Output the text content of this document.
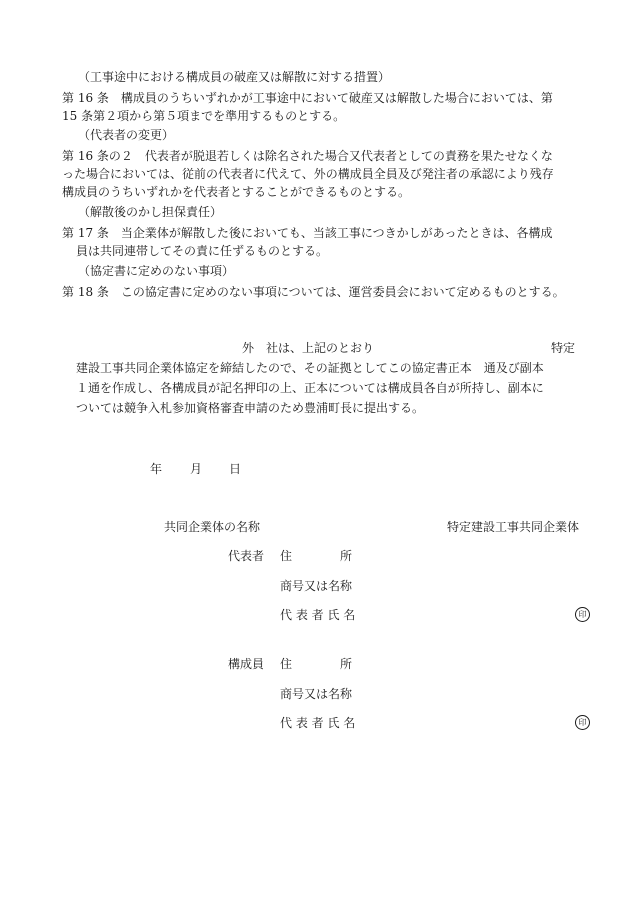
（工事途中における構成員の破産又は解散に対する措置）
第 16 条　構成員のうちいずれかが工事途中において破産又は解散した場合においては、第
15 条第２項から第５項までを準用するものとする。
（代表者の変更）
第 16 条の２　代表者が脱退若しくは除名された場合又代表者としての責務を果たせなくな
った場合においては、従前の代表者に代えて、外の構成員全員及び発注者の承認により残存
構成員のうちいずれかを代表者とすることができるものとする。
（解散後のかし担保責任）
第 17 条　当企業体が解散した後においても、当該工事につきかしがあったときは、各構成
員は共同連帯してその責に任ずるものとする。
（協定書に定めのない事項）
第 18 条　この協定書に定めのない事項については、運営委員会において定めるものとする。
外　社は、上記のとおり	特定
建設工事共同企業体協定を締結したので、その証拠としてこの協定書正本　通及び副本
１通を作成し、各構成員が記名押印の上、正本については構成員各自が所持し、副本に
ついては競争入札参加資格審査申請のため豊浦町長に提出する。
年 月 日
共同企業体の名称	特定建設工事共同企業体
代表者 住	所
商号又は名称
代 表 者 氏 名	印
構成員 住	所
商号又は名称
代 表 者 氏 名	印
